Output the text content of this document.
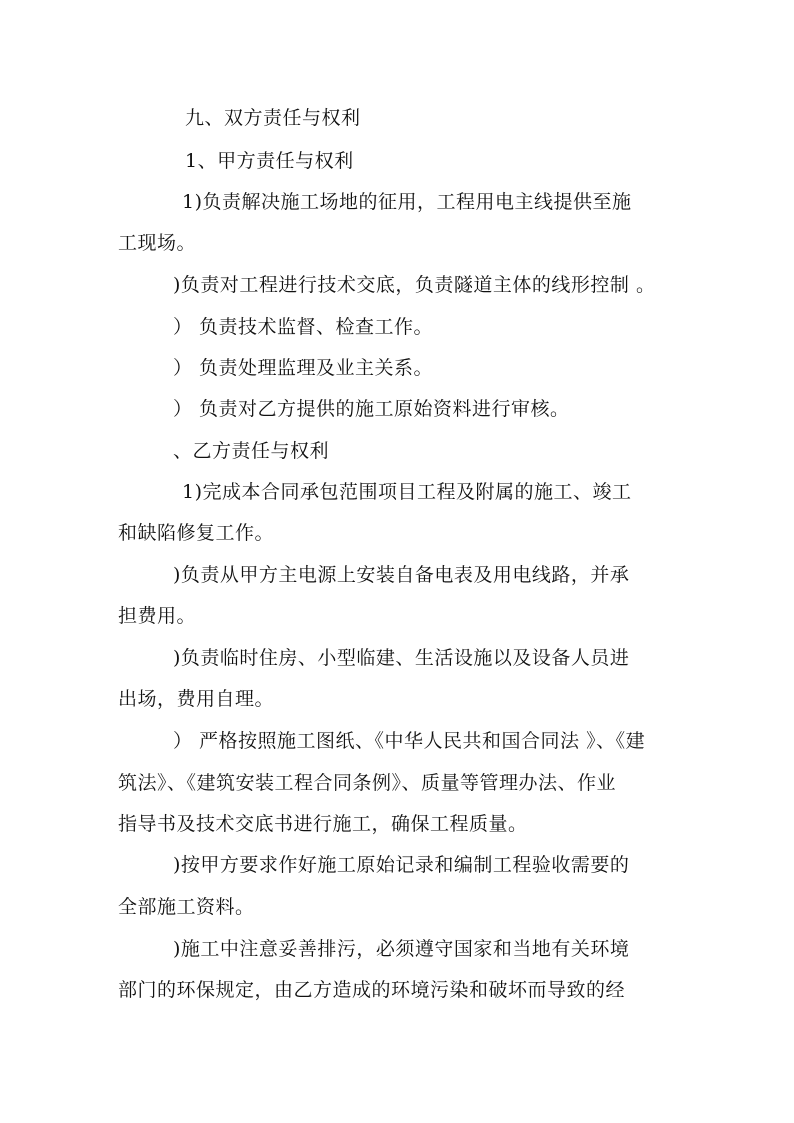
九、双方责任与权利
1、甲方责任与权利
1)负责解决施工场地的征用，工程用电主线提供至施
工现场。
)负责对工程进行技术交底，负责隧道主体的线形控制 。
） 负责技术监督、检查工作。
） 负责处理监理及业主关系。
） 负责对乙方提供的施工原始资料进行审核。
、乙方责任与权利
1)完成本合同承包范围项目工程及附属的施工、竣工
和缺陷修复工作。
)负责从甲方主电源上安装自备电表及用电线路，并承
担费用。
)负责临时住房、小型临建、生活设施以及设备人员进
出场，费用自理。
） 严格按照施工图纸、《中华人民共和国合同法 》、《建
筑法》、《建筑安装工程合同条例》、质量等管理办法、作业
指导书及技术交底书进行施工，确保工程质量。
)按甲方要求作好施工原始记录和编制工程验收需要的
全部施工资料。
)施工中注意妥善排污，必须遵守国家和当地有关环境
部门的环保规定，由乙方造成的环境污染和破坏而导致的经
